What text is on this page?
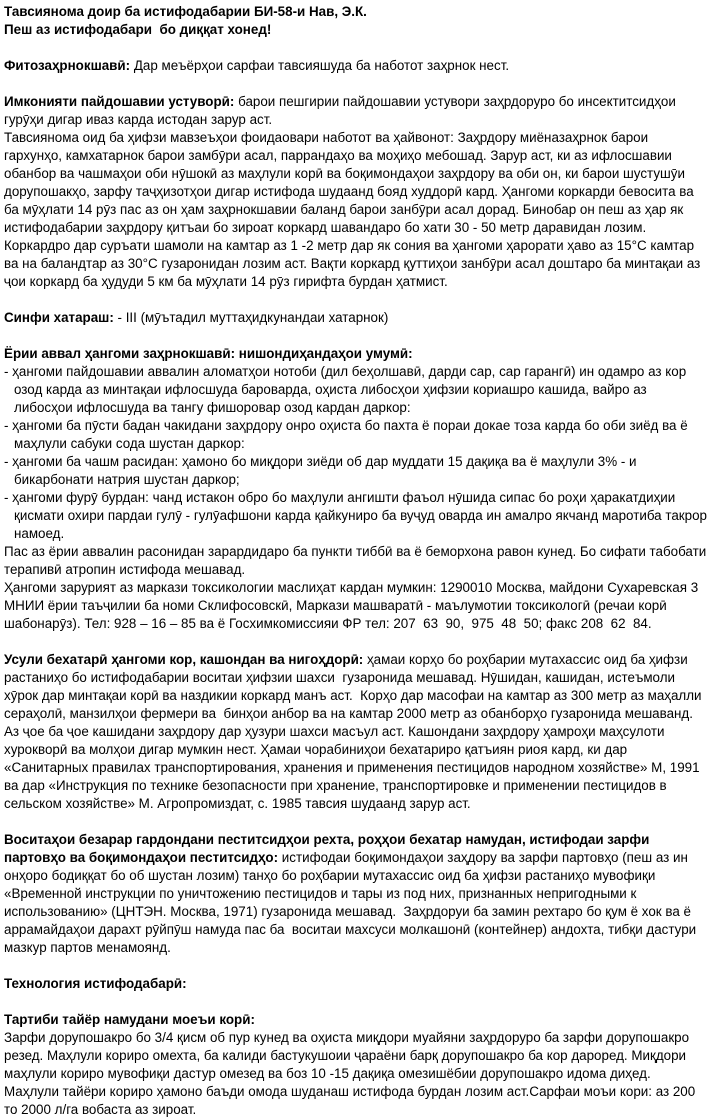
Тавсиянома доир ба истифодабарии БИ-58-и Нав, Э.К.

Пеш аз истифодабари  бо диққат хонед!

Фитозаҳрнокшавӣ: Дар меъёрҳои сарфаи тавсияшуда ба наботот заҳрнок нест.

Имконияти пайдошавии устуворӣ: барои пешгирии пайдошавии устувори заҳрдоруро бо инсектитсидҳои гурӯҳи дигар иваз карда истодан зарур аст.

Тавсиянома оид ба ҳифзи мавзеъҳои фоидаовари наботот ва ҳайвонот: Заҳрдору миёназаҳрнок барои гархунҳо, камхатарнок барои замбӯри асал, паррандаҳо ва моҳиҳо мебошад. Зарур аст, ки аз ифлосшавии обанбор ва чашмаҳои оби нӯшокӣ аз маҳлули корӣ ва боқимондаҳои заҳрдору ва оби он, ки барои шустушӯи дорупошакҳо, зарфу таҷҳизотҳои дигар истифода шудаанд бояд худдорӣ кард. Ҳангоми коркарди бевосита ва ба мӯҳлати 14 рӯз пас аз он ҳам заҳрнокшавии баланд барои занбӯри асал дорад. Бинобар он пеш аз ҳар як истифодабарии заҳрдору қитъаи бо зироат коркард шавандаро бо хати 30 - 50 метр даравидан лозим. Коркардро дар суръати шамоли на камтар аз 1 -2 метр дар як сония ва ҳангоми ҳарорати ҳаво аз 15°С камтар ва на баландтар аз 30°С гузаронидан лозим аст. Вақти коркард қуттиҳои занбӯри асал доштаро ба минтақаи аз ҷои коркард ба ҳудуди 5 км ба мӯҳлати 14 рӯз гирифта бурдан ҳатмист.

Синфи хатараш: - III (мӯътадил муттаҳидкунандаи хатарнок)

Ёрии аввал ҳангоми заҳрнокшавӣ: нишондиҳандаҳои умумӣ:

- ҳангоми пайдошавии аввалин аломатҳои нотоби (дил беҳолшавӣ, дарди сар, сар гарангӣ) ин одамро аз кор озод карда аз минтақаи ифлосшуда бароварда, оҳиста либосҳои ҳифзии кориашро кашида, вайро аз либосҳои ифлосшуда ва тангу фишоровар озод кардан даркор:

- ҳангоми ба пӯсти бадан чакидани заҳрдору онро оҳиста бо пахта ё пораи докае тоза карда бо оби зиёд ва ё маҳлули сабуки сода шустан даркор:

- ҳангоми ба чашм расидан: ҳамоно бо миқдори зиёди об дар муддати 15 дақиқа ва ё маҳлули 3% - и бикарбонати натрия шустан даркор;

- ҳангоми фурӯ бурдан: чанд истакон обро бо маҳлули ангишти фаъол нӯшида сипас бо роҳи ҳаракатдиҳии қисмати охири пардаи гулӯ - гулӯафшони карда қайкуниро ба вуҷуд оварда ин амалро якчанд маротиба такрор намоед.

Пас аз ёрии аввалин расонидан зарардидаро ба пункти тиббӣ ва ё беморхона равон кунед. Бо сифати табобати терапивӣ атропин истифода мешавад.

Ҳангоми зарурият аз маркази токсикологии маслиҳат кардан мумкин: 1290010 Москва, майдони Сухаревская 3 МНИИ ёрии таъҷилии ба номи Склифосовскӣ, Маркази машваратӣ - маълумотии токсикологӣ (речаи корӣ шабонарӯз). Тел: 928 – 16 – 85 ва ё Госхимкомиссияи ФР тел: 207  63  90,  975  48  50; факс 208  62  84.

Усули бехатарӣ ҳангоми кор, кашондан ва нигоҳдорӣ: ҳамаи корҳо бо роҳбарии мутахассис оид ба ҳифзи растаниҳо бо истифодабарии воситаи ҳифзии шахси  гузаронида мешавад. Нӯшидан, кашидан, истеъмоли хӯрок дар минтақаи корӣ ва наздикии коркард манъ аст.  Корҳо дар масофаи на камтар аз 300 метр аз маҳалли сераҳолӣ, манзилҳои фермери ва  бинҳои анбор ва на камтар 2000 метр аз обанборҳо гузаронида мешаванд. Аз ҷое ба ҷое кашидани заҳрдору дар ҳузури шахси масъул аст. Кашондани заҳрдору ҳамроҳи маҳсулоти хурокворӣ ва молҳои дигар мумкин нест. Ҳамаи чорабиниҳои бехатариро қатъиян риоя кард, ки дар «Санитарных правилах транспортирования, хранения и применения пестицидов народном хозяйстве» М, 1991 ва дар «Инструкция по технике безопасности при хранение, транспортировке и применении пестицидов в сельском хозяйстве» М. Агропромиздат, с. 1985 тавсия шудаанд зарур аст.

Воситаҳои безарар гардондани пеститсидҳои рехта, роҳҳои бехатар намудан, истифодаи зарфи партовҳо ва боқимондаҳои пеститсидҳо: истифодаи боқимондаҳои заҳдору ва зарфи партовҳо (пеш аз ин онҳоро бодиққат бо об шустан лозим) танҳо бо роҳбарии мутахассис оид ба ҳифзи растаниҳо мувофиқи «Временной инструкции по уничтожению пестицидов и тары из под них, признанных непригодными к использованию» (ЦНТЭН. Москва, 1971) гузаронида мешавад.  Заҳрдоруи ба замин рехтаро бо қум ё хок ва ё аррамайдаҳои дарахт рӯйпӯш намуда пас ба  воситаи махсуси молкашонӣ (контейнер) андохта, тибқи дастури мазкур партов менамоянд.

Технология истифодабарӣ:

Тартиби тайёр намудани моеъи корӣ:

Зарфи дорупошакро бо 3/4 қисм об пур кунед ва оҳиста миқдори муайяни заҳрдоруро ба зарфи дорупошакро резед. Маҳлули кориро омехта, ба калиди бастукушоии ҷараёни барқ дорупошакро ба кор дароред. Миқдори маҳлули кориро мувофиқи дастур омезед ва боз 10 -15 дақиқа омезишёбии дорупошакро идома диҳед. Маҳлули тайёри кориро ҳамоно баъди омода шуданаш истифода бурдан лозим аст.Сарфаи моъи кори: аз 200 то 2000 л/га вобаста аз зироат.
